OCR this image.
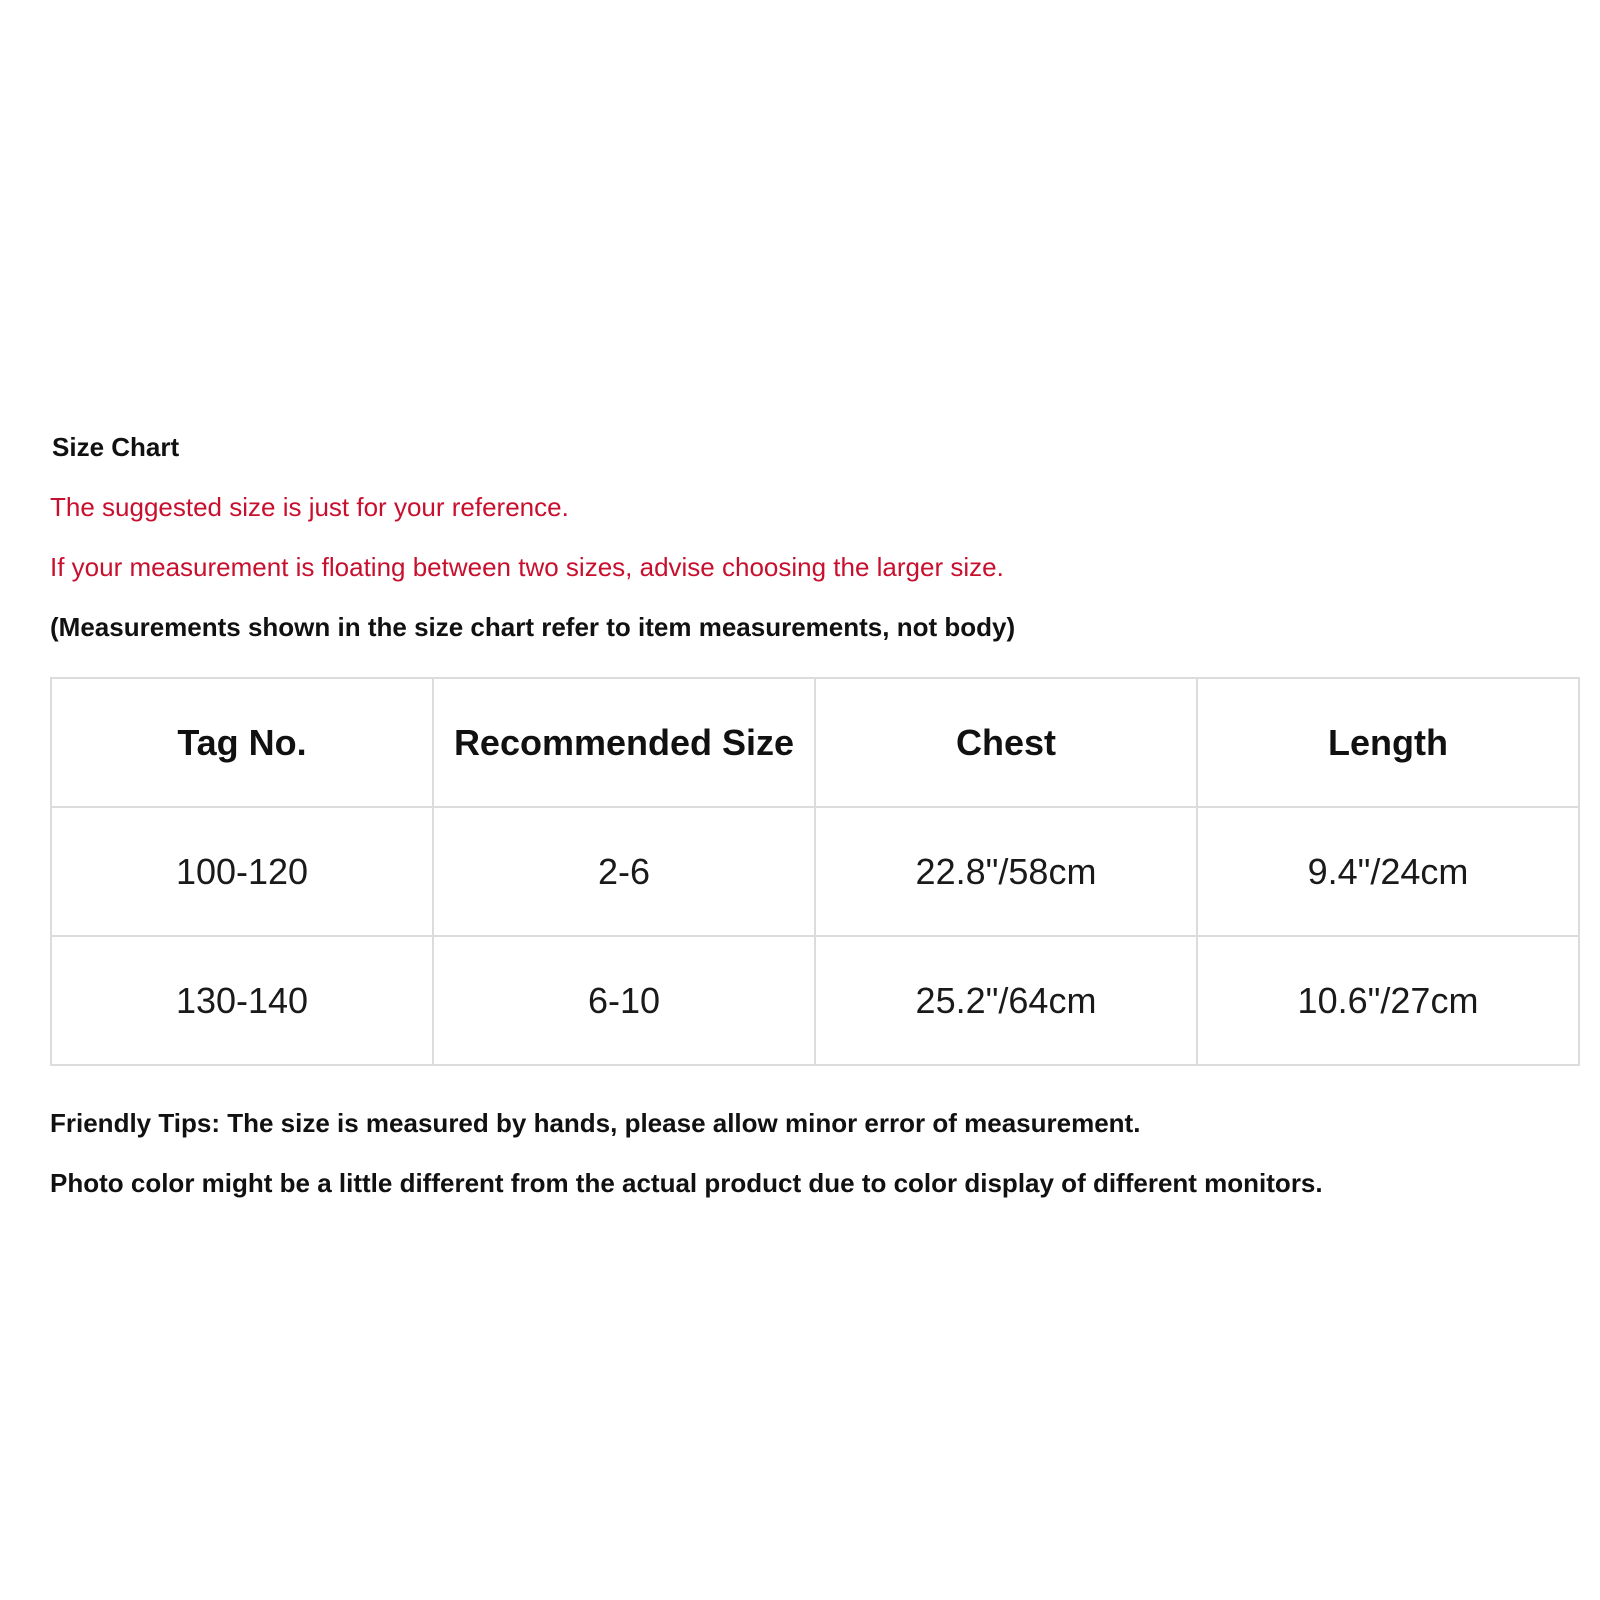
Size Chart
The suggested size is just for your reference.
If your measurement is floating between two sizes, advise choosing the larger size.
(Measurements shown in the size chart refer to item measurements, not body)
Tag No.	Recommended Size	Chest	Length
100-120	2-6	22.8"/58cm	9.4"/24cm
130-140	6-10	25.2"/64cm	10.6"/27cm
Friendly Tips: The size is measured by hands, please allow minor error of measurement.
Photo color might be a little different from the actual product due to color display of different monitors.
